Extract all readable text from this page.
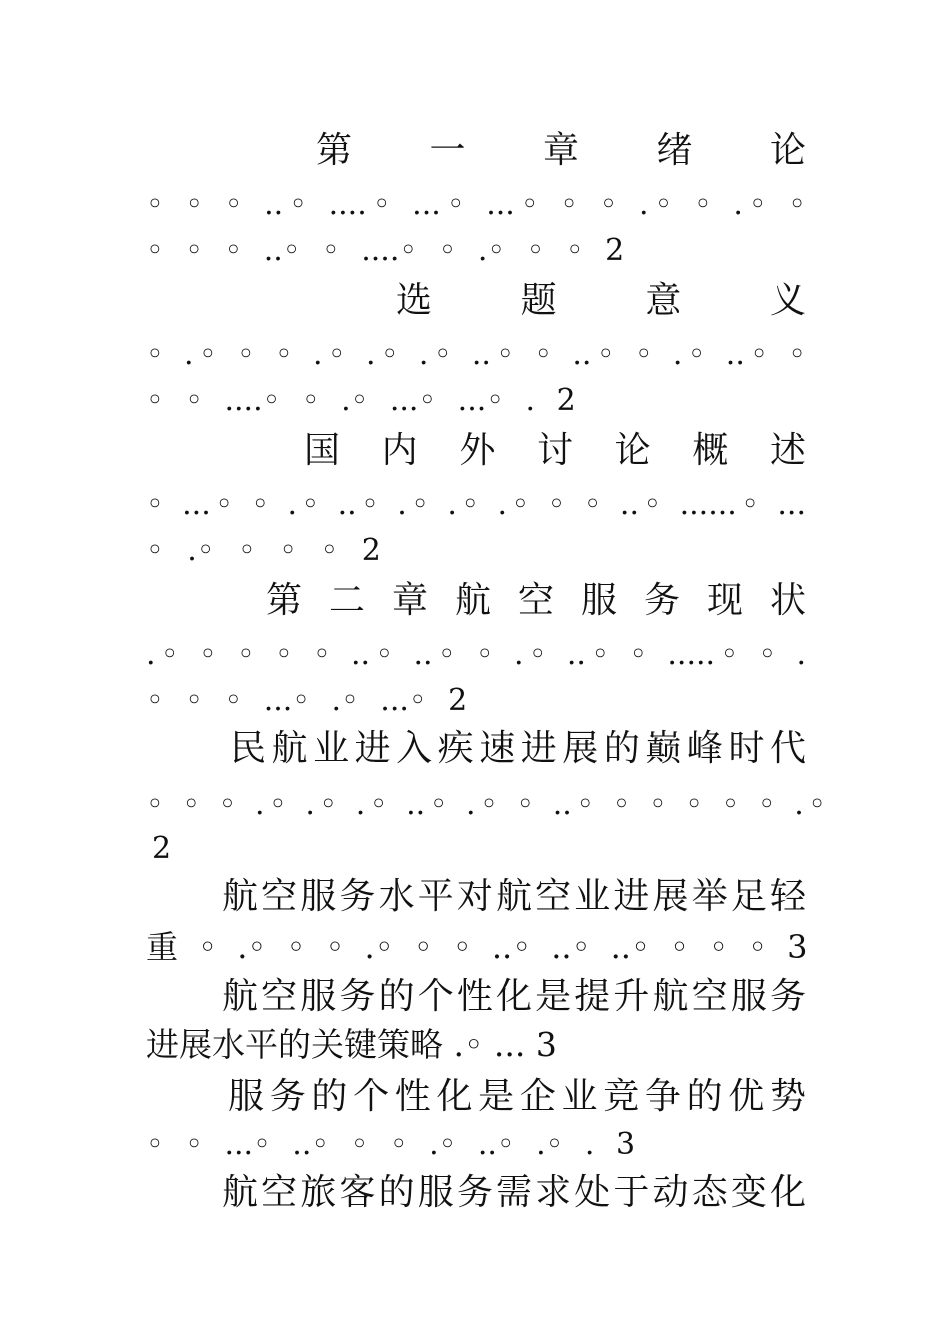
第 一 章 绪 论
◦ ◦ ◦ ..◦ ....◦ ...◦ ...◦ ◦ ◦ .◦ ◦ .◦ ◦
◦ ◦ ◦ ..◦ ◦ ....◦ ◦ .◦ ◦ ◦ 2
选 题 意 义
◦ .◦ ◦ ◦ .◦ .◦ .◦ ..◦ ◦ ..◦ ◦ .◦ ..◦ ◦
◦ ◦ ....◦ ◦ .◦ ...◦ ...◦ . 2
国 内 外 讨 论 概 述
◦ ...◦ ◦ .◦ ..◦ .◦ .◦ .◦ ◦ ◦ ..◦ ......◦ ...
◦ .◦ ◦ ◦ ◦ 2
第 二 章 航 空 服 务 现 状
.◦ ◦ ◦ ◦ ◦ ..◦ ..◦ ◦ .◦ ..◦ ◦ .....◦ ◦ .
◦ ◦ ◦ ...◦ .◦ ...◦ 2
民航业进入疾速进展的巅峰时代
◦ ◦ ◦ .◦ .◦ .◦ ..◦ .◦ ◦ ..◦ ◦ ◦ ◦ ◦ ◦ .◦
2
航空服务水平对航空业进展举足轻
重 ◦ .◦ ◦ ◦ .◦ ◦ ◦ ..◦ ..◦ ..◦ ◦ ◦ ◦ 3
航空服务的个性化是提升航空服务
进展水平的关键策略 .◦ ... 3
服务的个性化是企业竞争的优势
◦ ◦ ...◦ ..◦ ◦ ◦ .◦ ..◦ .◦ . 3
航空旅客的服务需求处于动态变化
